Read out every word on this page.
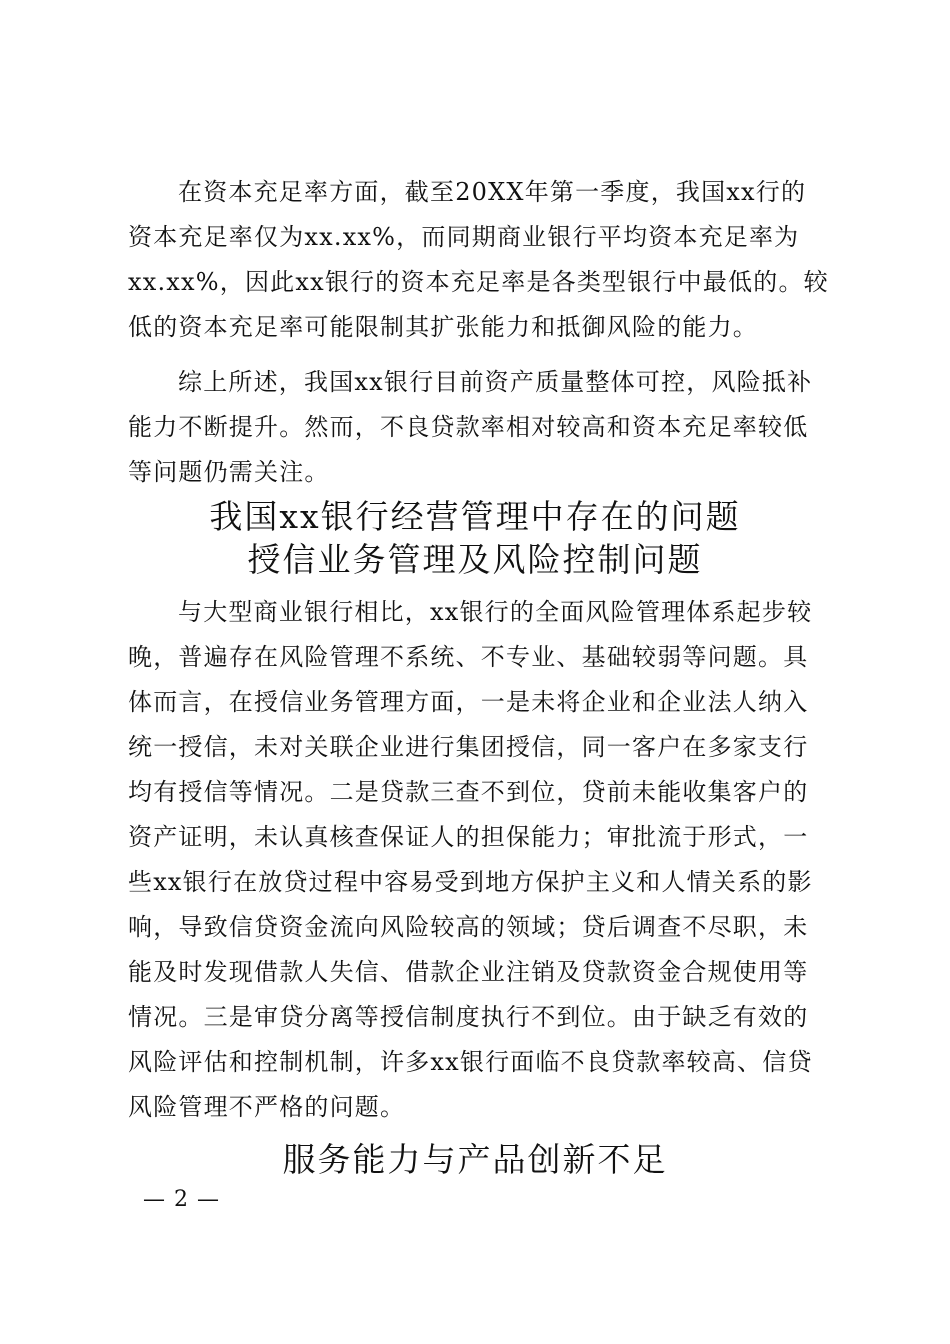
在资本充足率方面，截至20XX年第一季度，我国xx行的
资本充足率仅为xx.xx%，而同期商业银行平均资本充足率为
xx.xx%，因此xx银行的资本充足率是各类型银行中最低的。较
低的资本充足率可能限制其扩张能力和抵御风险的能力。

综上所述，我国xx银行目前资产质量整体可控，风险抵补
能力不断提升。然而，不良贷款率相对较高和资本充足率较低
等问题仍需关注。

我国xx银行经营管理中存在的问题
授信业务管理及风险控制问题

与大型商业银行相比，xx银行的全面风险管理体系起步较
晚，普遍存在风险管理不系统、不专业、基础较弱等问题。具
体而言，在授信业务管理方面，一是未将企业和企业法人纳入
统一授信，未对关联企业进行集团授信，同一客户在多家支行
均有授信等情况。二是贷款三查不到位，贷前未能收集客户的
资产证明，未认真核查保证人的担保能力；审批流于形式，一
些xx银行在放贷过程中容易受到地方保护主义和人情关系的影
响，导致信贷资金流向风险较高的领域；贷后调查不尽职，未
能及时发现借款人失信、借款企业注销及贷款资金合规使用等
情况。三是审贷分离等授信制度执行不到位。由于缺乏有效的
风险评估和控制机制，许多xx银行面临不良贷款率较高、信贷
风险管理不严格的问题。

服务能力与产品创新不足
— 2 —
